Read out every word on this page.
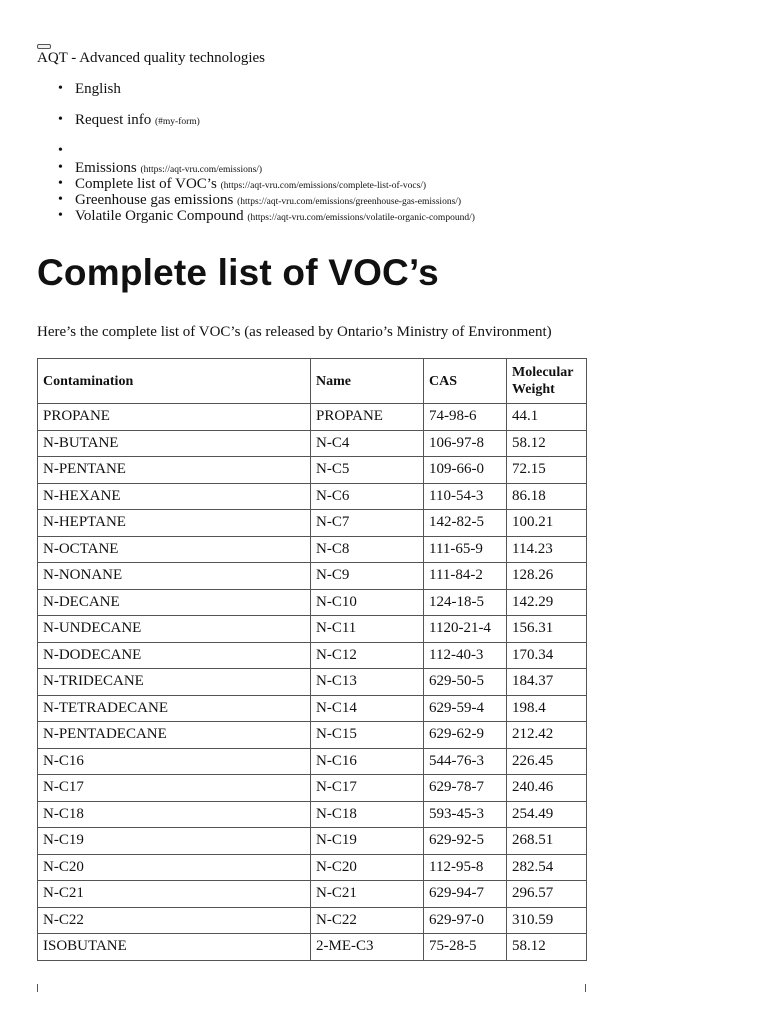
AQT - Advanced quality technologies
• English
• Request info (#my-form)
•
• Emissions (https://aqt-vru.com/emissions/)
• Complete list of VOC’s (https://aqt-vru.com/emissions/complete-list-of-vocs/)
• Greenhouse gas emissions (https://aqt-vru.com/emissions/greenhouse-gas-emissions/)
• Volatile Organic Compound (https://aqt-vru.com/emissions/volatile-organic-compound/)
Complete list of VOC’s

Here’s the complete list of VOC’s (as released by Ontario’s Ministry of Environment)

Contamination	Name	CAS	Molecular Weight
PROPANE	PROPANE	74-98-6	44.1
N-BUTANE	N-C4	106-97-8	58.12
N-PENTANE	N-C5	109-66-0	72.15
N-HEXANE	N-C6	110-54-3	86.18
N-HEPTANE	N-C7	142-82-5	100.21
N-OCTANE	N-C8	111-65-9	114.23
N-NONANE	N-C9	111-84-2	128.26
N-DECANE	N-C10	124-18-5	142.29
N-UNDECANE	N-C11	1120-21-4	156.31
N-DODECANE	N-C12	112-40-3	170.34
N-TRIDECANE	N-C13	629-50-5	184.37
N-TETRADECANE	N-C14	629-59-4	198.4
N-PENTADECANE	N-C15	629-62-9	212.42
N-C16	N-C16	544-76-3	226.45
N-C17	N-C17	629-78-7	240.46
N-C18	N-C18	593-45-3	254.49
N-C19	N-C19	629-92-5	268.51
N-C20	N-C20	112-95-8	282.54
N-C21	N-C21	629-94-7	296.57
N-C22	N-C22	629-97-0	310.59
ISOBUTANE	2-ME-C3	75-28-5	58.12
